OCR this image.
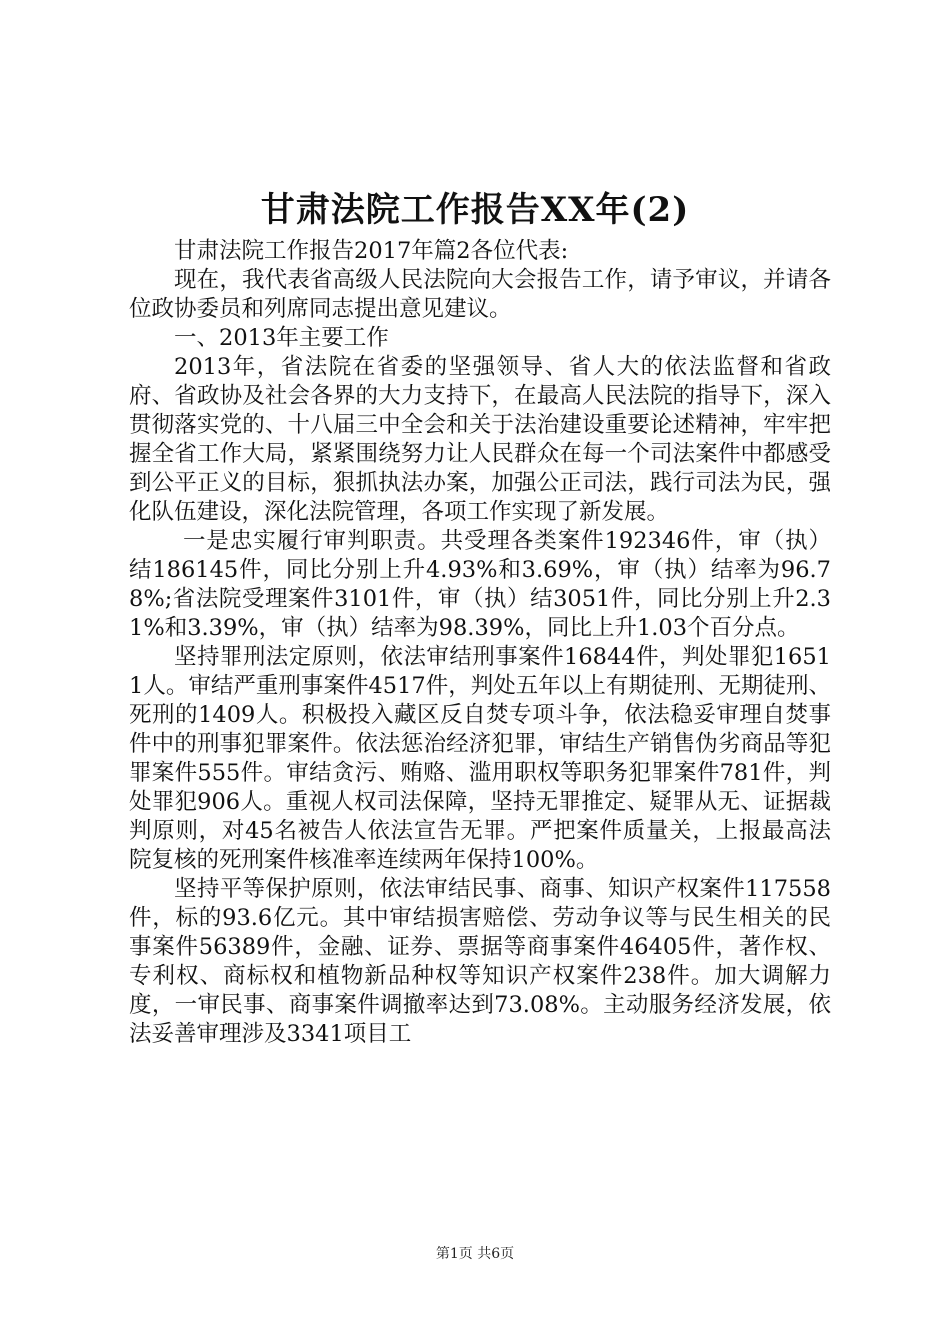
甘肃法院工作报告XX年(2)

甘肃法院工作报告2017年篇2各位代表:

现在，我代表省高级人民法院向大会报告工作，请予审议，并请各位政协委员和列席同志提出意见建议。

一、2013年主要工作

2013年，省法院在省委的坚强领导、省人大的依法监督和省政府、省政协及社会各界的大力支持下，在最高人民法院的指导下，深入贯彻落实党的、十八届三中全会和关于法治建设重要论述精神，牢牢把握全省工作大局，紧紧围绕努力让人民群众在每一个司法案件中都感受到公平正义的目标，狠抓执法办案，加强公正司法，践行司法为民，强化队伍建设，深化法院管理，各项工作实现了新发展。

一是忠实履行审判职责。共受理各类案件192346件，审（执）结186145件，同比分别上升4.93%和3.69%，审（执）结率为96.78%;省法院受理案件3101件，审（执）结3051件，同比分别上升2.31%和3.39%，审（执）结率为98.39%，同比上升1.03个百分点。

坚持罪刑法定原则，依法审结刑事案件16844件，判处罪犯16511人。审结严重刑事案件4517件，判处五年以上有期徒刑、无期徒刑、死刑的1409人。积极投入藏区反自焚专项斗争，依法稳妥审理自焚事件中的刑事犯罪案件。依法惩治经济犯罪，审结生产销售伪劣商品等犯罪案件555件。审结贪污、贿赂、滥用职权等职务犯罪案件781件，判处罪犯906人。重视人权司法保障，坚持无罪推定、疑罪从无、证据裁判原则，对45名被告人依法宣告无罪。严把案件质量关，上报最高法院复核的死刑案件核准率连续两年保持100%。

坚持平等保护原则，依法审结民事、商事、知识产权案件117558件，标的93.6亿元。其中审结损害赔偿、劳动争议等与民生相关的民事案件56389件，金融、证券、票据等商事案件46405件，著作权、专利权、商标权和植物新品种权等知识产权案件238件。加大调解力度，一审民事、商事案件调撤率达到73.08%。主动服务经济发展，依法妥善审理涉及3341项目工

第1页 共6页
